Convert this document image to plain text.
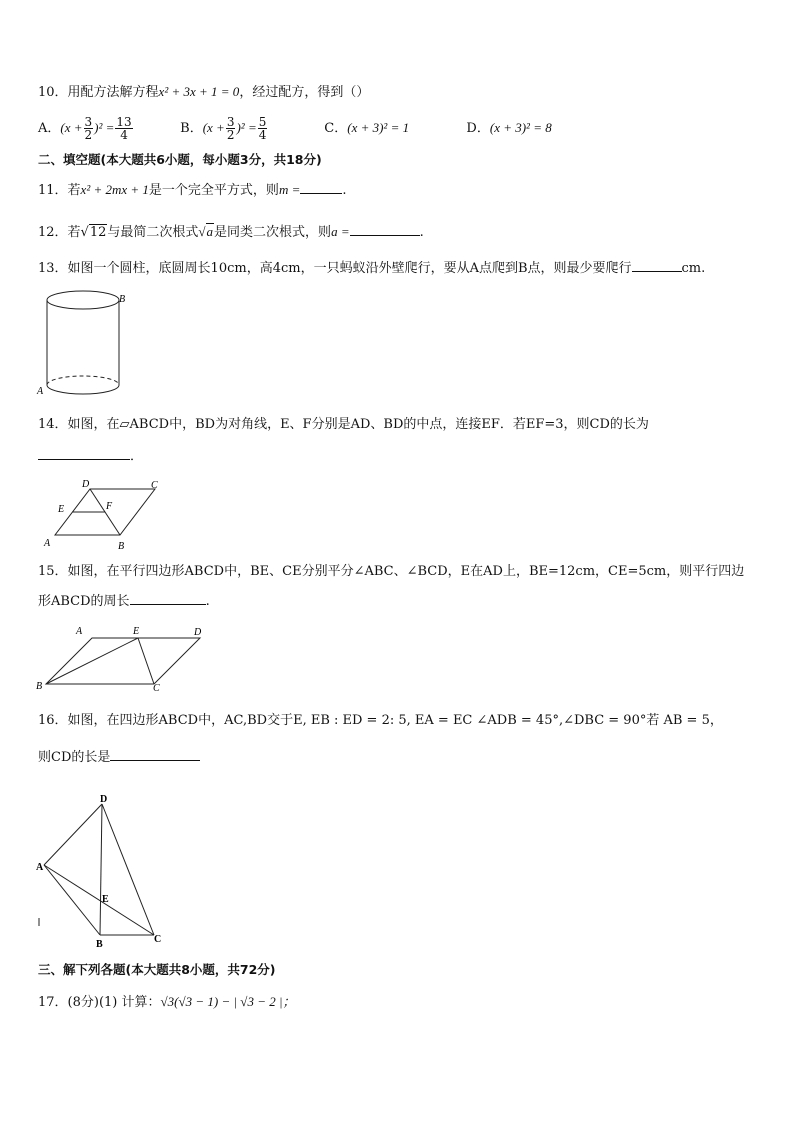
10．用配方法解方程x² + 3x + 1 = 0，经过配方，得到（）
A．$(x + \frac{3}{2} )^2 = \frac{13}{4}$	B．$(x + \frac{3}{2} )^2 = \frac{5}{4}$	C．(x + 3)² = 1	D．(x + 3)² = 8
二、填空题(本大题共6小题，每小题3分，共18分)
11．若x² + 2mx + 1是一个完全平方式，则m =	.
12．若√12与最简二次根式√a是同类二次根式，则a =	.
13．如图一个圆柱，底圆周长10cm，高4cm，一只蚂蚁沿外壁爬行，要从A点爬到B点，则最少要爬行	cm.
B
A
14．如图，在▱ABCD中，BD为对角线，E、F分别是AD、BD的中点，连接EF．若EF=3，则CD的长为
．
D	C
E	F
A	B
15．如图，在平行四边形ABCD中，BE、CE分别平分∠ABC、∠BCD，E在AD上，BE=12cm，CE=5cm，则平行四边
形ABCD的周长	.
A	E	D
B	C
16．如图，在四边形ABCD中，AC,BD交于E, EB : ED = 2: 5, EA = EC ∠ADB = 45°,∠DBC = 90°若 AB = 5，
则CD的长是
D
A
E
B	C
三、解下列各题(本大题共8小题，共72分)
17．(8分)(1) 计算：√3(√3 − 1) − | √3 − 2 |；
